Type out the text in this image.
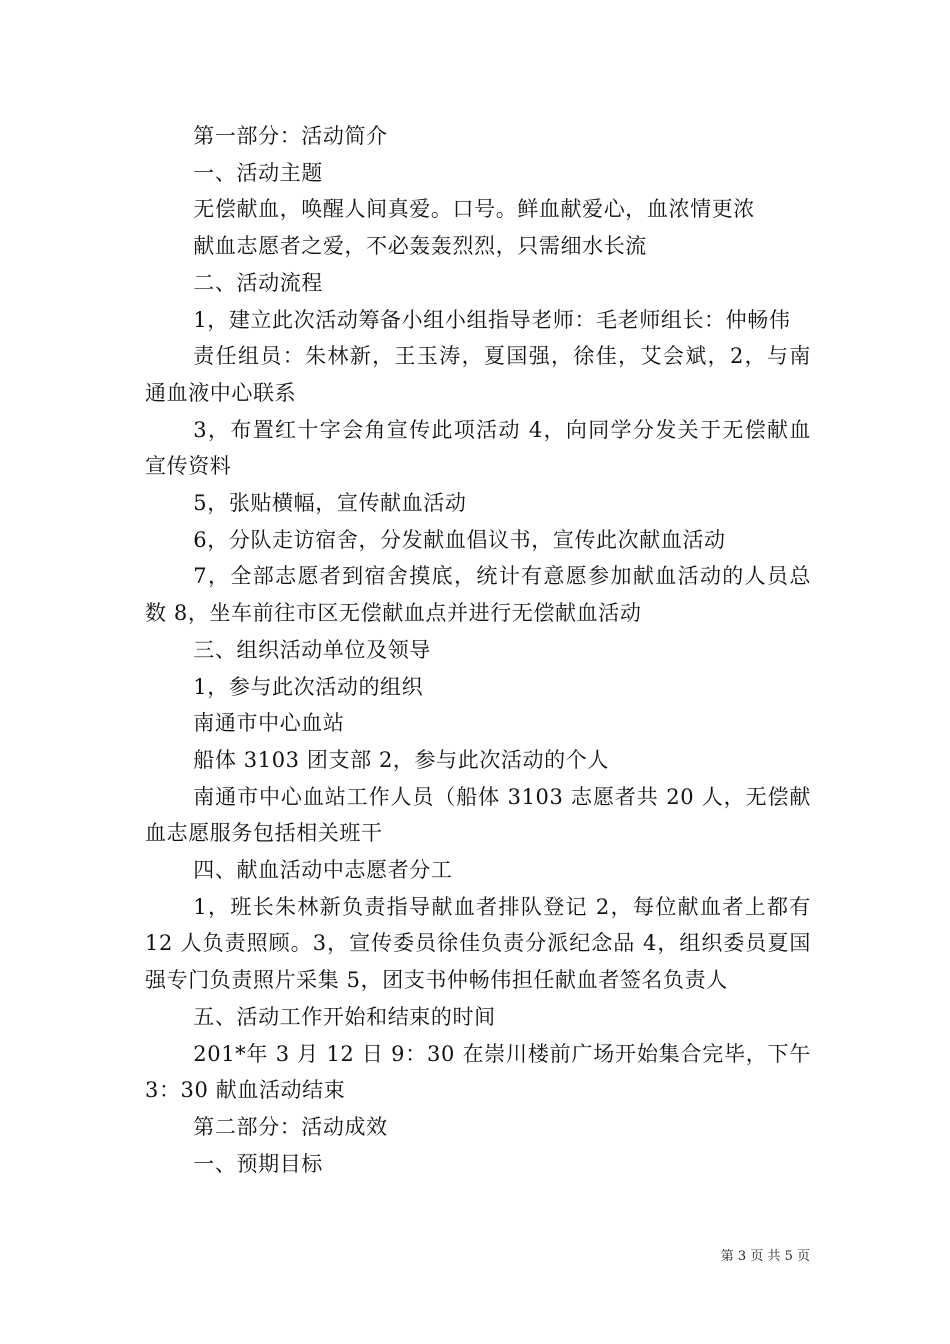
第一部分：活动简介

一、活动主题

无偿献血，唤醒人间真爱。口号。鲜血献爱心，血浓情更浓

献血志愿者之爱，不必轰轰烈烈，只需细水长流

二、活动流程

1，建立此次活动筹备小组小组指导老师：毛老师组长：仲畅伟

责任组员：朱林新，王玉涛，夏国强，徐佳，艾会斌，2，与南通血液中心联系

3，布置红十字会角宣传此项活动 4，向同学分发关于无偿献血宣传资料

5，张贴横幅，宣传献血活动

6，分队走访宿舍，分发献血倡议书，宣传此次献血活动

7，全部志愿者到宿舍摸底，统计有意愿参加献血活动的人员总数 8，坐车前往市区无偿献血点并进行无偿献血活动

三、组织活动单位及领导

1，参与此次活动的组织

南通市中心血站

船体 3103 团支部 2，参与此次活动的个人

南通市中心血站工作人员（船体 3103 志愿者共 20 人，无偿献血志愿服务包括相关班干

四、献血活动中志愿者分工

1，班长朱林新负责指导献血者排队登记 2，每位献血者上都有 12 人负责照顾。3，宣传委员徐佳负责分派纪念品 4，组织委员夏国强专门负责照片采集 5，团支书仲畅伟担任献血者签名负责人

五、活动工作开始和结束的时间

201*年 3 月 12 日 9：30 在崇川楼前广场开始集合完毕，下午 3：30 献血活动结束

第二部分：活动成效

一、预期目标

第 3 页 共 5 页
